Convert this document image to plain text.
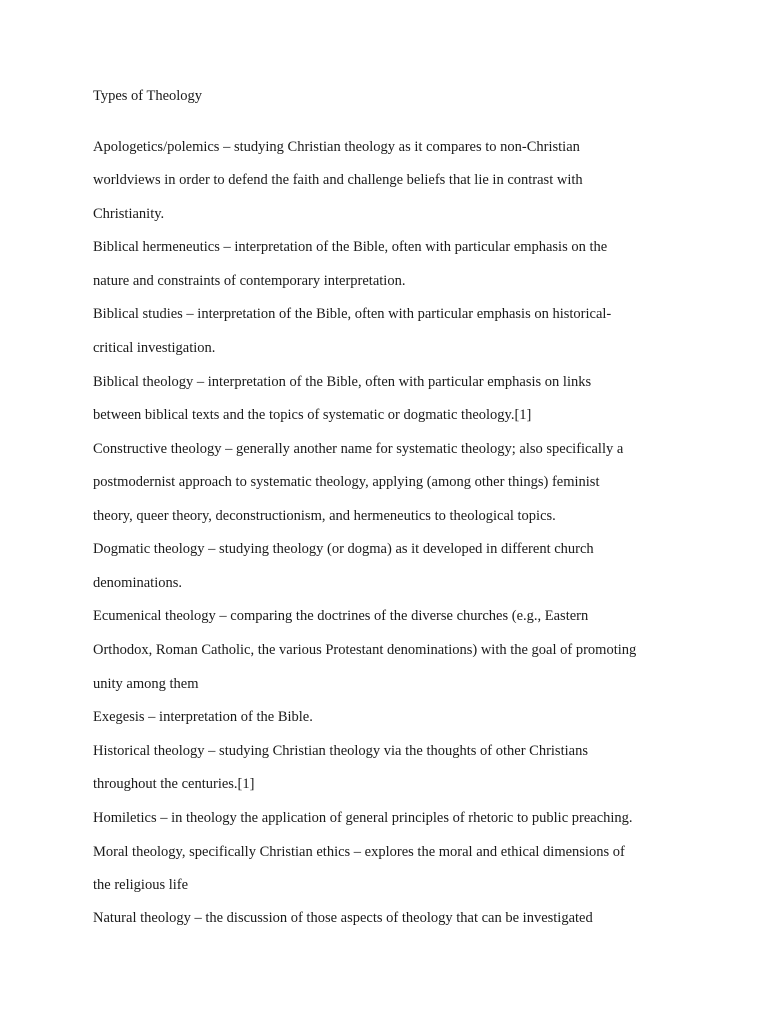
Types of Theology

Apologetics/polemics – studying Christian theology as it compares to non-Christian

worldviews in order to defend the faith and challenge beliefs that lie in contrast with

Christianity.

Biblical hermeneutics – interpretation of the Bible, often with particular emphasis on the

nature and constraints of contemporary interpretation.

Biblical studies – interpretation of the Bible, often with particular emphasis on historical-

critical investigation.

Biblical theology – interpretation of the Bible, often with particular emphasis on links

between biblical texts and the topics of systematic or dogmatic theology.[1]

Constructive theology – generally another name for systematic theology; also specifically a

postmodernist approach to systematic theology, applying (among other things) feminist

theory, queer theory, deconstructionism, and hermeneutics to theological topics.

Dogmatic theology – studying theology (or dogma) as it developed in different church

denominations.

Ecumenical theology – comparing the doctrines of the diverse churches (e.g., Eastern

Orthodox, Roman Catholic, the various Protestant denominations) with the goal of promoting

unity among them

Exegesis – interpretation of the Bible.

Historical theology – studying Christian theology via the thoughts of other Christians

throughout the centuries.[1]

Homiletics – in theology the application of general principles of rhetoric to public preaching.

Moral theology, specifically Christian ethics – explores the moral and ethical dimensions of

the religious life

Natural theology – the discussion of those aspects of theology that can be investigated
